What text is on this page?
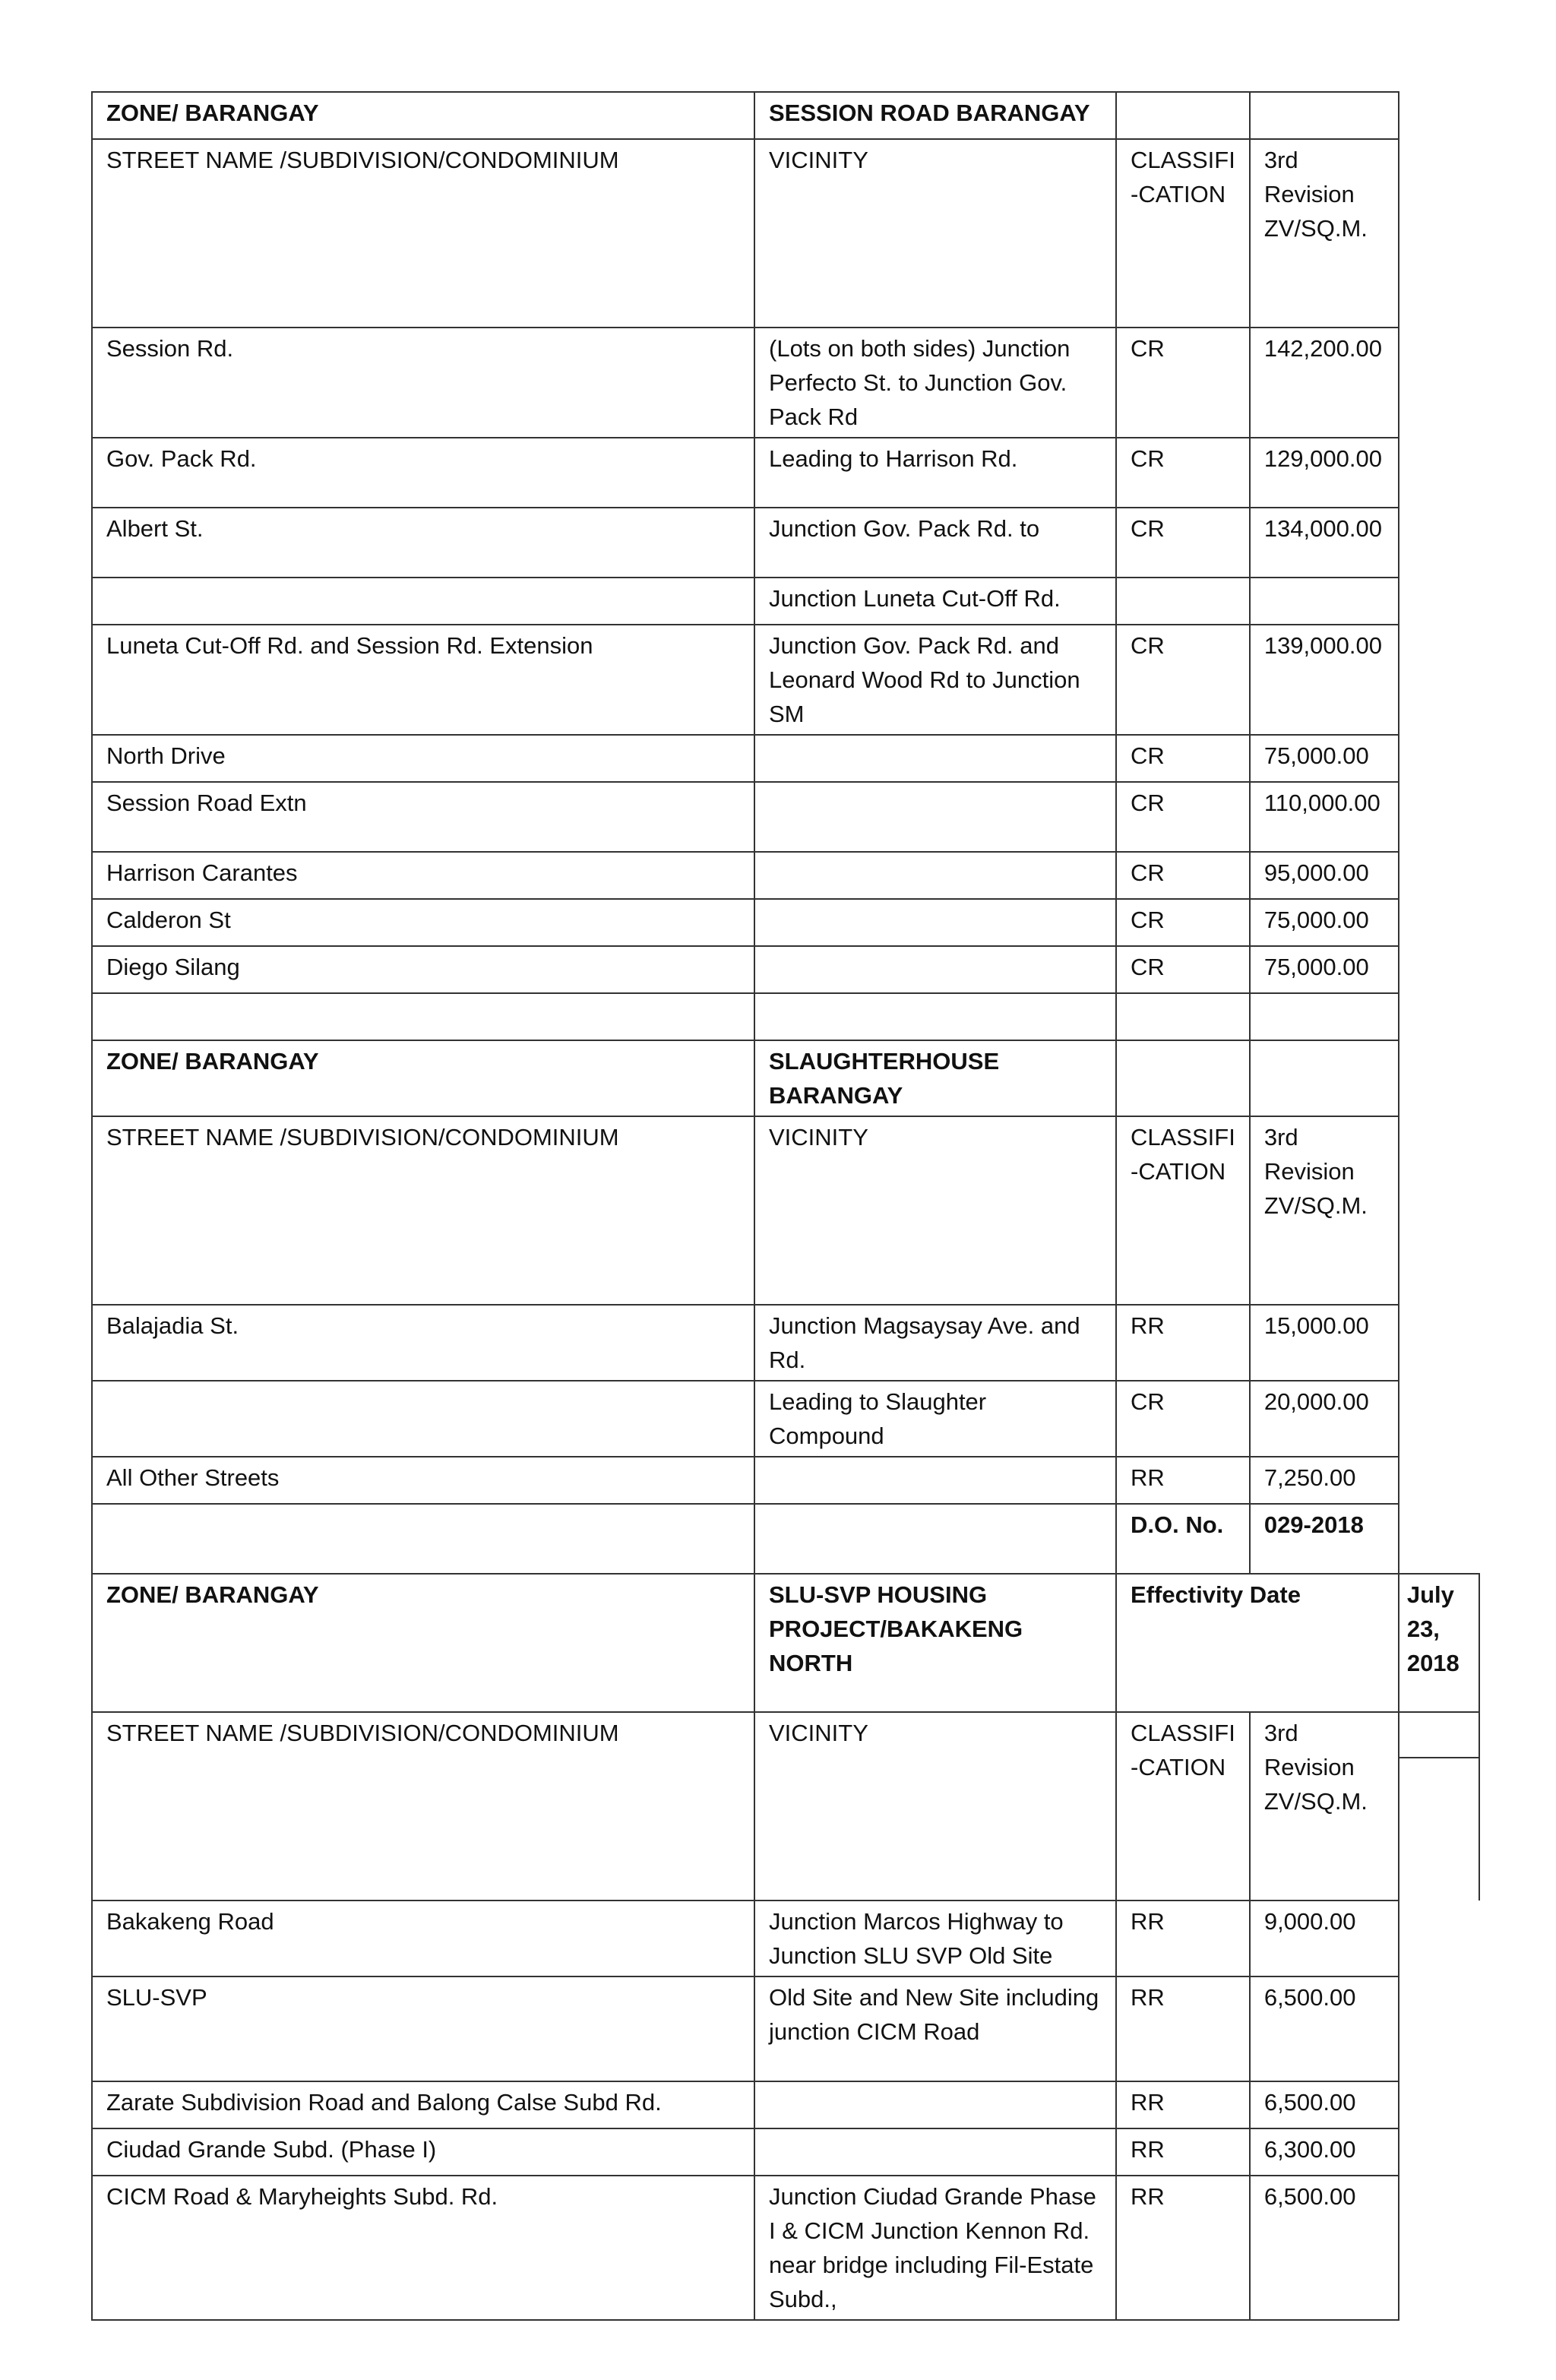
ZONE/ BARANGAY	SESSION ROAD BARANGAY			
STREET NAME /SUBDIVISION/CONDOMINIUM	VICINITY	CLASSIFI -CATION	3rd Revision ZV/SQ.M.	
Session Rd.	(Lots on both sides) Junction Perfecto St. to Junction Gov. Pack Rd	CR	142,200.00	
Gov. Pack Rd.	Leading to Harrison Rd.	CR	129,000.00	
Albert St.	Junction Gov. Pack Rd. to	CR	134,000.00	
	Junction Luneta Cut-Off Rd.			
Luneta Cut-Off Rd. and Session Rd. Extension	Junction Gov. Pack Rd. and Leonard Wood Rd to Junction SM	CR	139,000.00	
North Drive		CR	75,000.00	
Session Road Extn		CR	110,000.00	
Harrison Carantes		CR	95,000.00	
Calderon St		CR	75,000.00	
Diego Silang		CR	75,000.00	

ZONE/ BARANGAY	SLAUGHTERHOUSE BARANGAY			
STREET NAME /SUBDIVISION/CONDOMINIUM	VICINITY	CLASSIFI -CATION	3rd Revision ZV/SQ.M.	
Balajadia St.	Junction Magsaysay Ave. and Rd.	RR	15,000.00	
	Leading to Slaughter Compound	CR	20,000.00	
All Other Streets		RR	7,250.00	
		D.O. No.	029-2018	
ZONE/ BARANGAY	SLU-SVP HOUSING PROJECT/BAKAKENG NORTH	Effectivity Date		July 23, 2018
STREET NAME /SUBDIVISION/CONDOMINIUM	VICINITY	CLASSIFI -CATION	3rd Revision ZV/SQ.M.	

Bakakeng Road	Junction Marcos Highway to Junction SLU SVP Old Site	RR	9,000.00	
SLU-SVP	Old Site and New Site including junction CICM Road	RR	6,500.00	
Zarate Subdivision Road and Balong Calse Subd Rd.		RR	6,500.00	
Ciudad Grande Subd. (Phase I)		RR	6,300.00	
CICM Road & Maryheights Subd. Rd.	Junction Ciudad Grande Phase I & CICM Junction Kennon Rd. near bridge including Fil-Estate Subd.,	RR	6,500.00	
